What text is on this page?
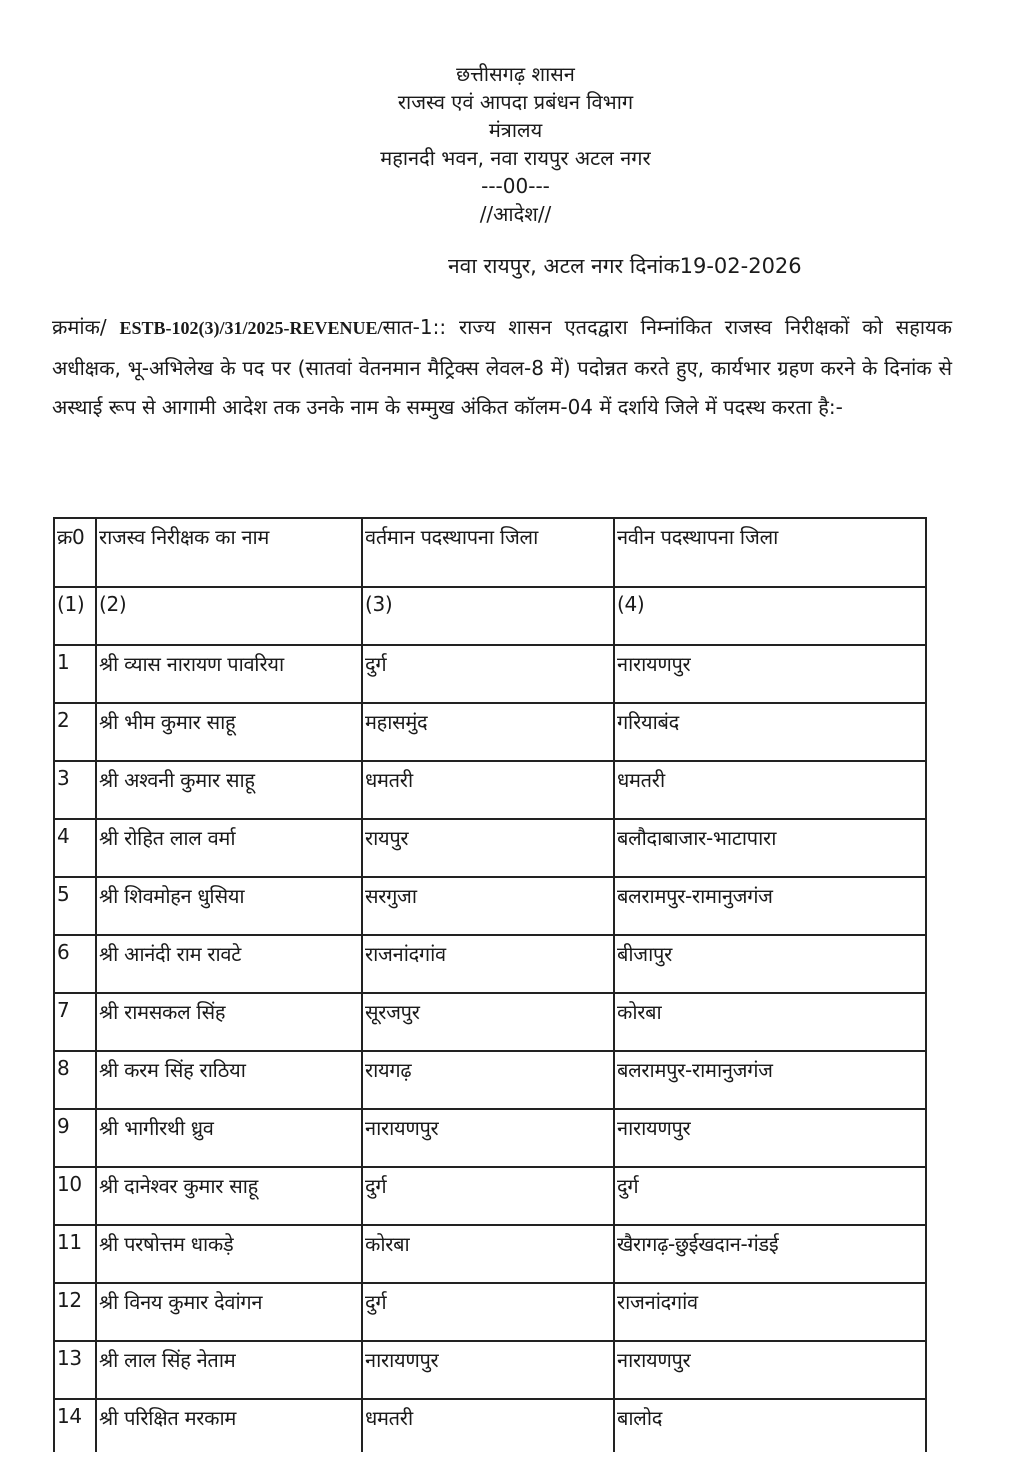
छत्तीसगढ़ शासन
राजस्व एवं आपदा प्रबंधन विभाग
मंत्रालय
महानदी भवन, नवा रायपुर अटल नगर
---00---
//आदेश//
नवा रायपुर, अटल नगर दिनांक19-02-2026
क्रमांक/ ESTB-102(3)/31/2025-REVENUE/सात-1:: राज्य शासन एतदद्वारा निम्नांकित राजस्व निरीक्षकों को सहायक अधीक्षक, भू-अभिलेख के पद पर (सातवां वेतनमान मैट्रिक्स लेवल-8 में) पदोन्नत करते हुए, कार्यभार ग्रहण करने के दिनांक से अस्थाई रूप से आगामी आदेश तक उनके नाम के सम्मुख अंकित कॉलम-04 में दर्शाये जिले में पदस्थ करता है:-
क्र0	राजस्व निरीक्षक का नाम	वर्तमान पदस्थापना जिला	नवीन पदस्थापना जिला
(1)	(2)	(3)	(4)
1	श्री व्यास नारायण पावरिया	दुर्ग	नारायणपुर
2	श्री भीम कुमार साहू	महासमुंद	गरियाबंद
3	श्री अश्वनी कुमार साहू	धमतरी	धमतरी
4	श्री रोहित लाल वर्मा	रायपुर	बलौदाबाजार-भाटापारा
5	श्री शिवमोहन धुसिया	सरगुजा	बलरामपुर-रामानुजगंज
6	श्री आनंदी राम रावटे	राजनांदगांव	बीजापुर
7	श्री रामसकल सिंह	सूरजपुर	कोरबा
8	श्री करम सिंह राठिया	रायगढ़	बलरामपुर-रामानुजगंज
9	श्री भागीरथी ध्रुव	नारायणपुर	नारायणपुर
10	श्री दानेश्वर कुमार साहू	दुर्ग	दुर्ग
11	श्री परषोत्तम धाकड़े	कोरबा	खैरागढ़-छुईखदान-गंडई
12	श्री विनय कुमार देवांगन	दुर्ग	राजनांदगांव
13	श्री लाल सिंह नेताम	नारायणपुर	नारायणपुर
14	श्री परिक्षित मरकाम	धमतरी	बालोद
